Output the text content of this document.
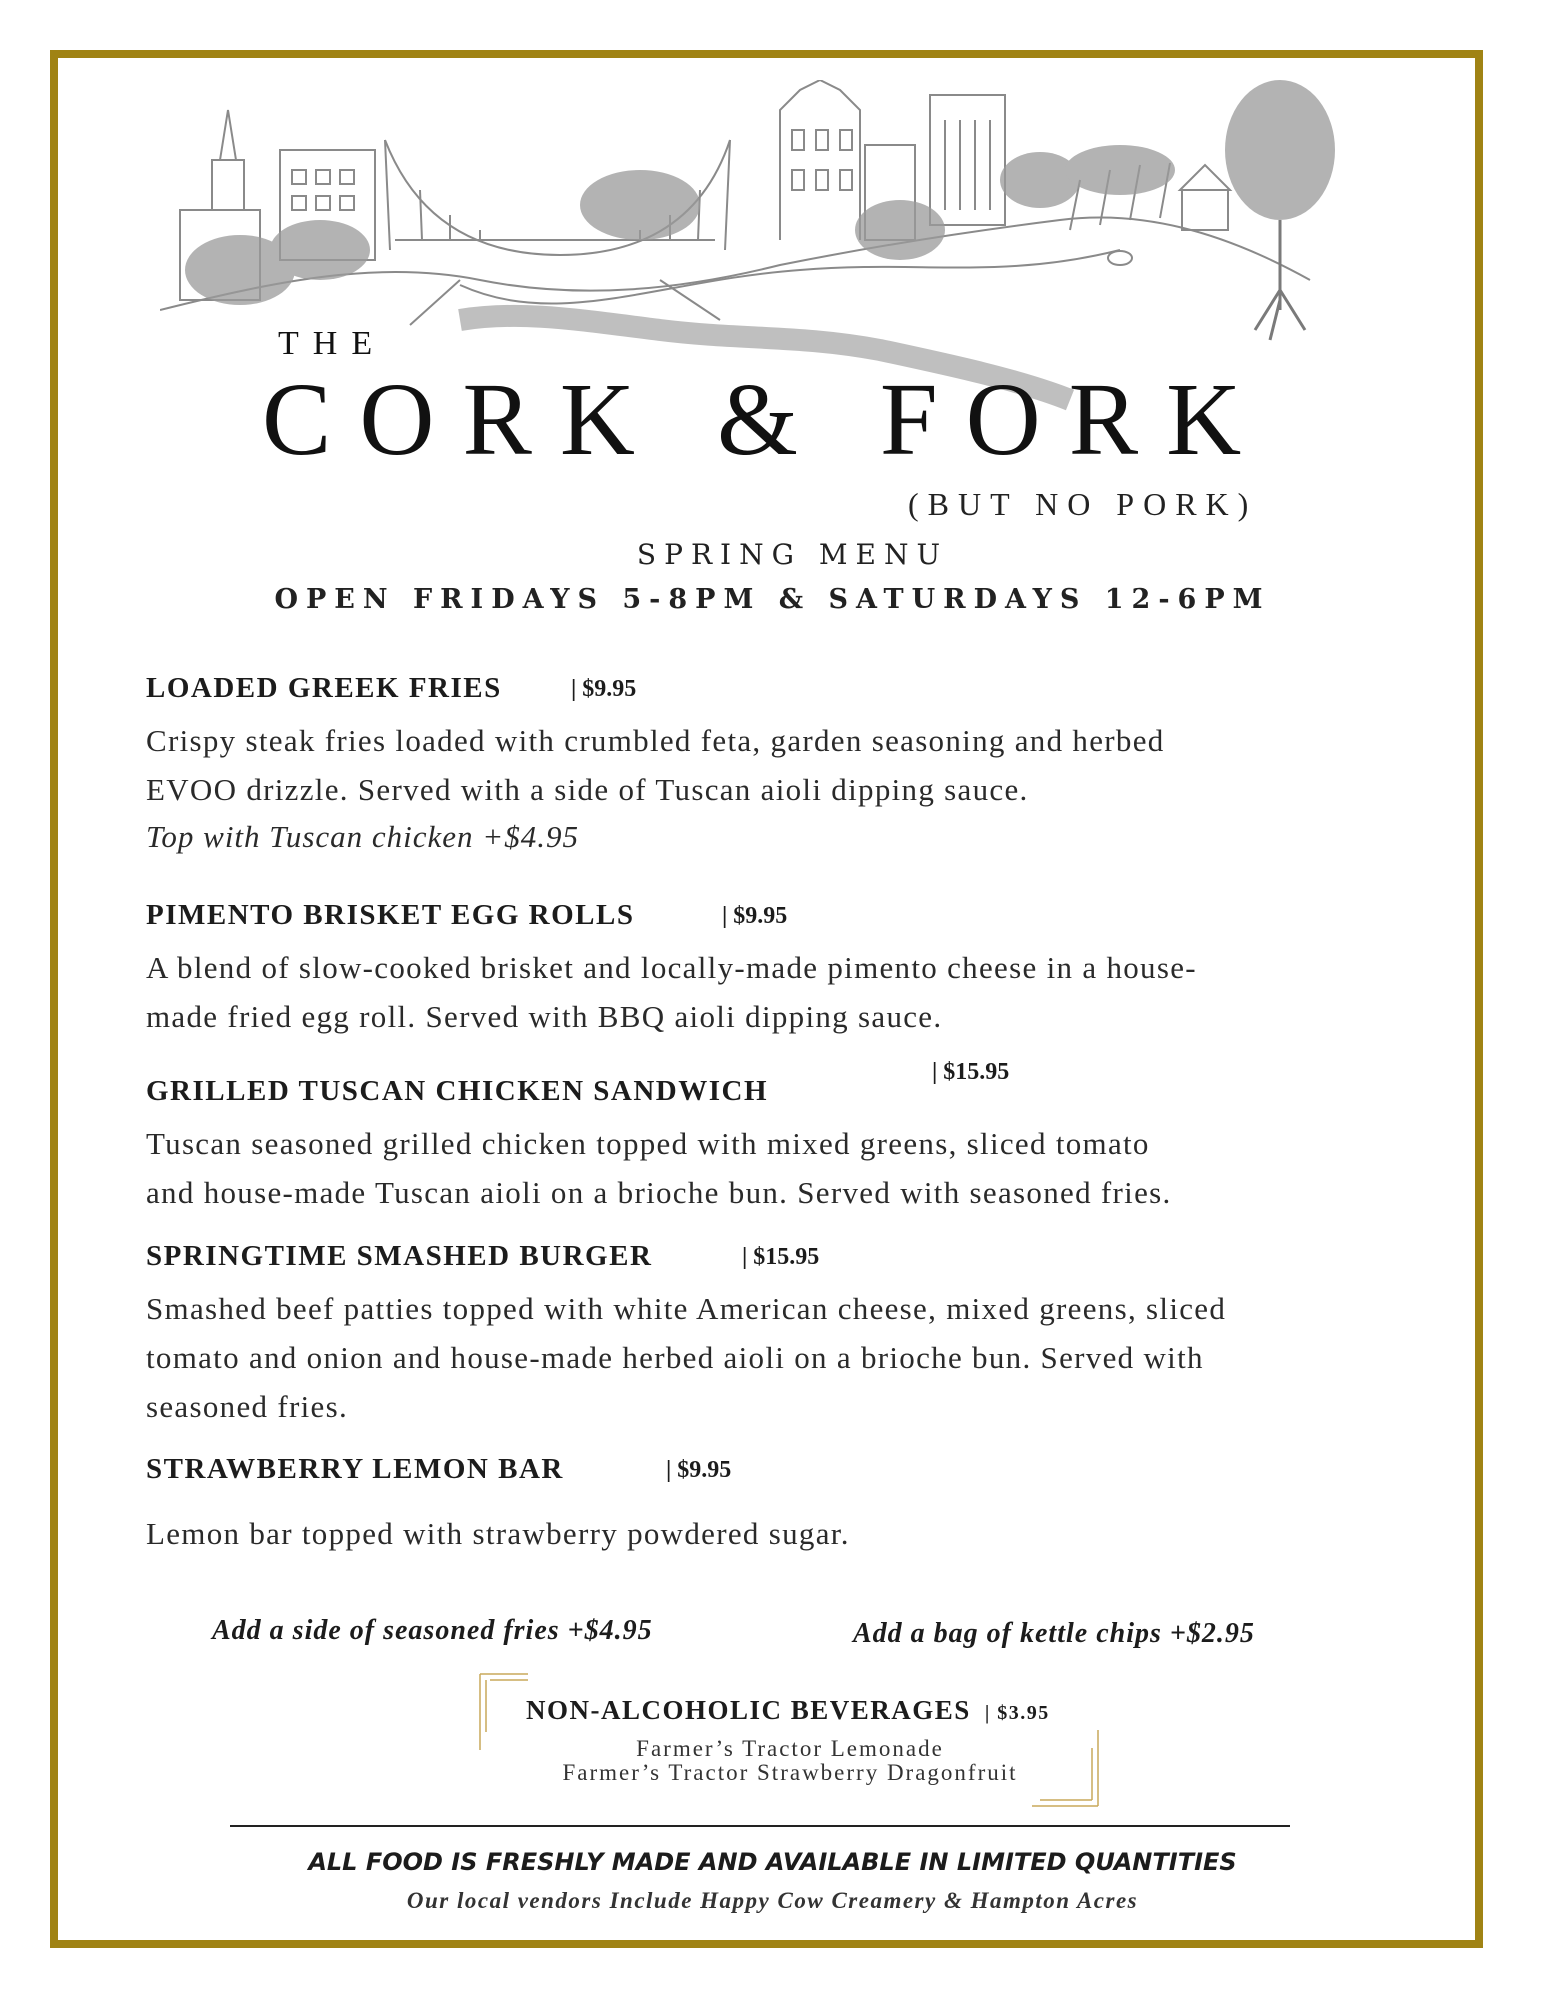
THE
CORK & FORK
(BUT NO PORK)
SPRING MENU
OPEN FRIDAYS 5-8PM & SATURDAYS 12-6PM
LOADED GREEK FRIES	| $9.95
Crispy steak fries loaded with crumbled feta, garden seasoning and herbed
EVOO drizzle. Served with a side of Tuscan aioli dipping sauce.
Top with Tuscan chicken +$4.95
PIMENTO BRISKET EGG ROLLS	| $9.95
A blend of slow-cooked brisket and locally-made pimento cheese in a house-
made fried egg roll. Served with BBQ aioli dipping sauce.
GRILLED TUSCAN CHICKEN SANDWICH
| $15.95
Tuscan seasoned grilled chicken topped with mixed greens, sliced tomato
and house-made Tuscan aioli on a brioche bun. Served with seasoned fries.
SPRINGTIME SMASHED BURGER	| $15.95
Smashed beef patties topped with white American cheese, mixed greens, sliced
tomato and onion and house-made herbed aioli on a brioche bun. Served with
seasoned fries.
STRAWBERRY LEMON BAR	| $9.95
Lemon bar topped with strawberry powdered sugar.
Add a side of seasoned fries +$4.95	Add a bag of kettle chips +$2.95
NON-ALCOHOLIC BEVERAGES | $3.95
Farmer’s Tractor Lemonade
Farmer’s Tractor Strawberry Dragonfruit
ALL FOOD IS FRESHLY MADE AND AVAILABLE IN LIMITED QUANTITIES
Our local vendors Include Happy Cow Creamery & Hampton Acres
